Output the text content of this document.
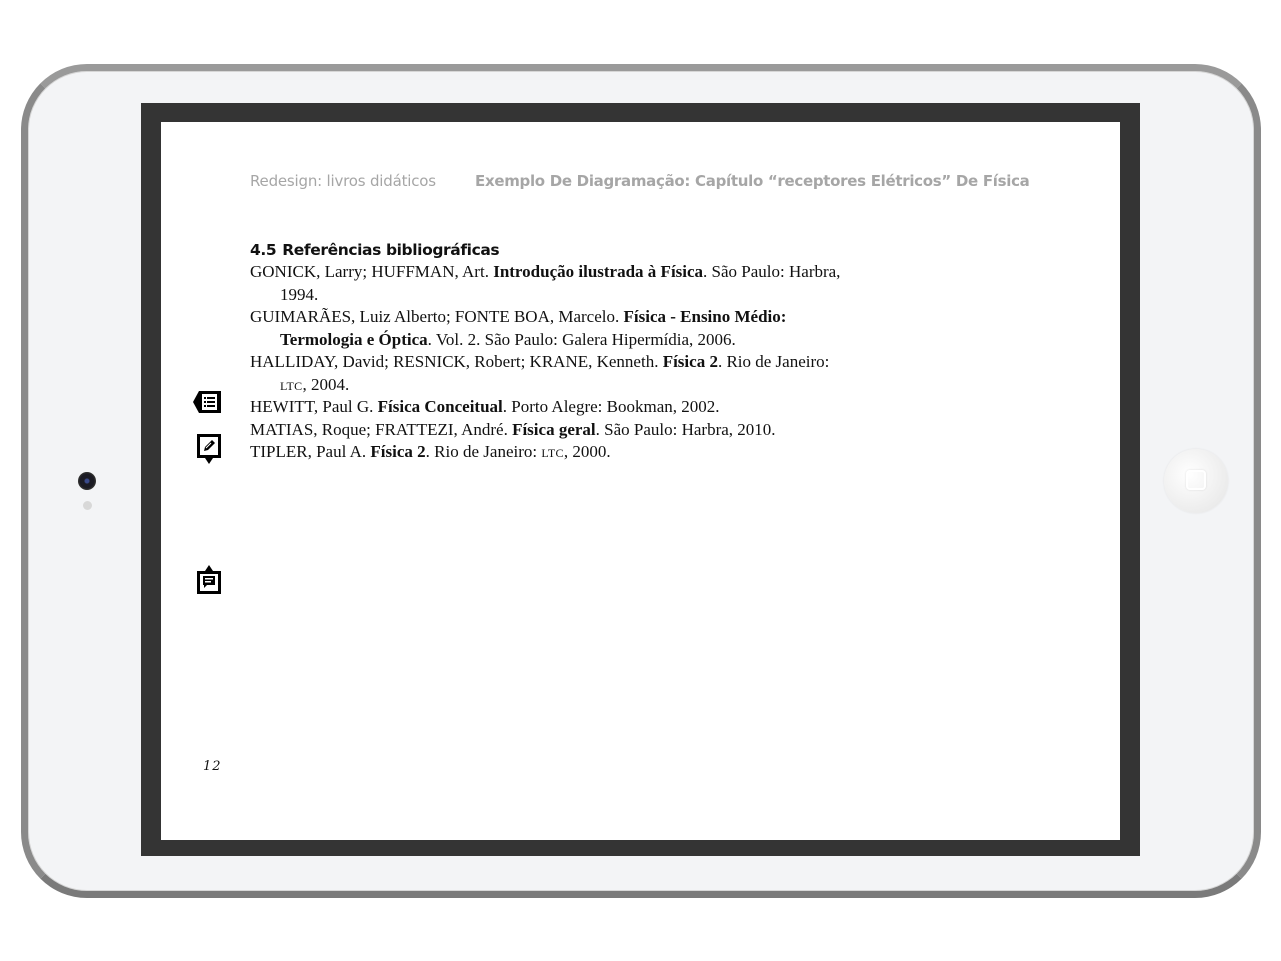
Redesign: livros didáticos	Exemplo De Diagramação: Capítulo “receptores Elétricos” De Física

4.5 Referências bibliográficas

GONICK, Larry; HUFFMAN, Art. Introdução ilustrada à Física. São Paulo: Harbra, 1994.

GUIMARÃES, Luiz Alberto; FONTE BOA, Marcelo. Física - Ensino Médio: Termologia e Óptica. Vol. 2. São Paulo: Galera Hipermídia, 2006.

HALLIDAY, David; RESNICK, Robert; KRANE, Kenneth. Física 2. Rio de Janeiro: ltc, 2004.

HEWITT, Paul G. Física Conceitual. Porto Alegre: Bookman, 2002.

MATIAS, Roque; FRATTEZI, André. Física geral. São Paulo: Harbra, 2010.

TIPLER, Paul A. Física 2. Rio de Janeiro: ltc, 2000.

12
